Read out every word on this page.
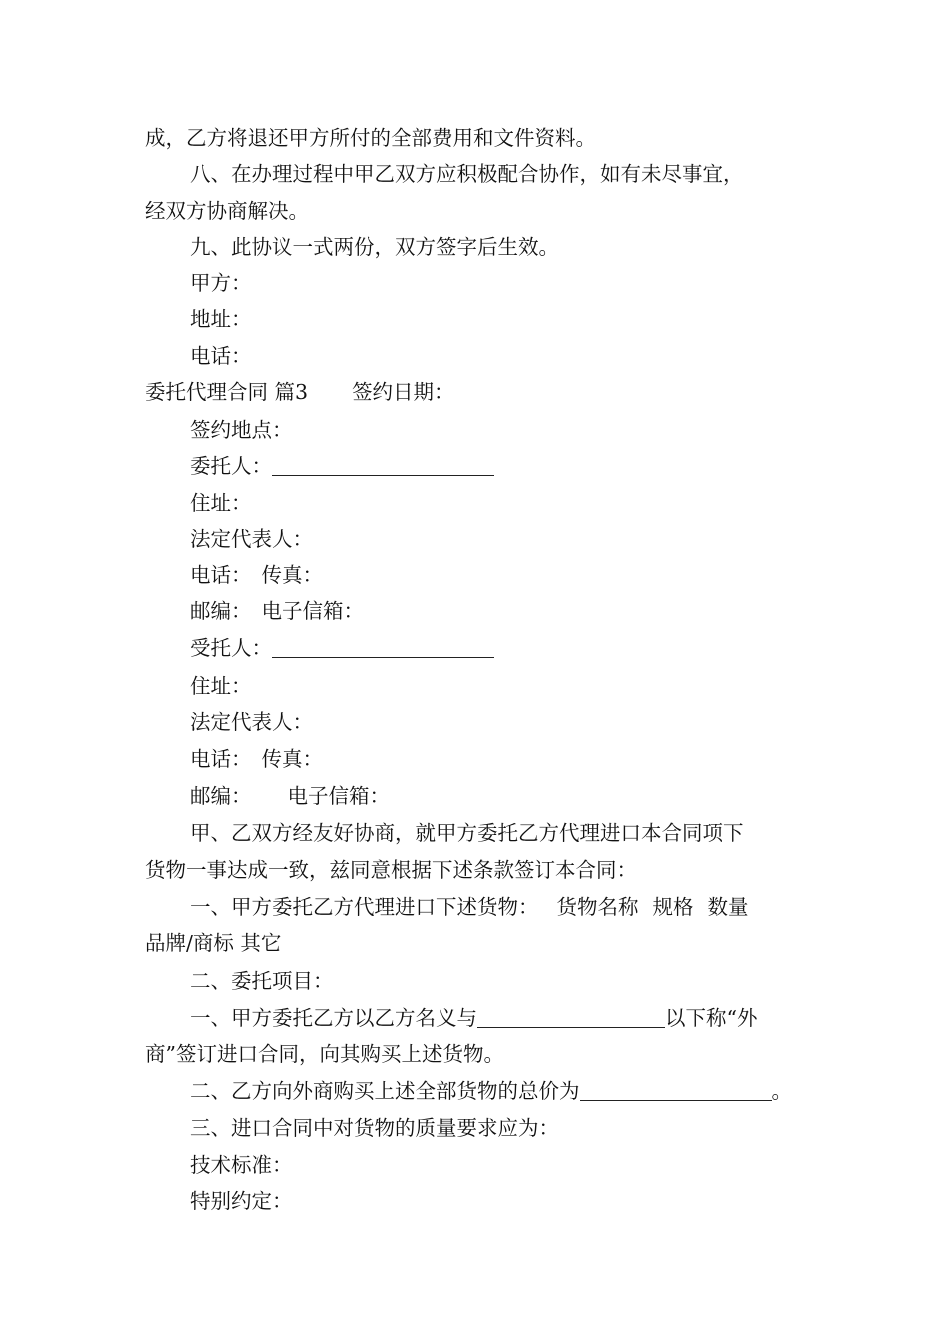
成，乙方将退还甲方所付的全部费用和文件资料。
八、在办理过程中甲乙双方应积极配合协作，如有未尽事宜，
经双方协商解决。
九、此协议一式两份，双方签字后生效。
甲方：
地址：
电话：
委托代理合同 篇3 签约日期：
签约地点：
委托人：
住址：
法定代表人：
电话： 传真：
邮编： 电子信箱：
受托人：
住址：
法定代表人：
电话： 传真：
邮编： 电子信箱：
甲、乙双方经友好协商，就甲方委托乙方代理进口本合同项下
货物一事达成一致，兹同意根据下述条款签订本合同：
一、甲方委托乙方代理进口下述货物： 货物名称 规格 数量
品牌/商标 其它
二、委托项目：
一、甲方委托乙方以乙方名义与	以下称“外
商”签订进口合同，向其购买上述货物。
二、乙方向外商购买上述全部货物的总价为	。
三、进口合同中对货物的质量要求应为：
技术标准：
特别约定：
